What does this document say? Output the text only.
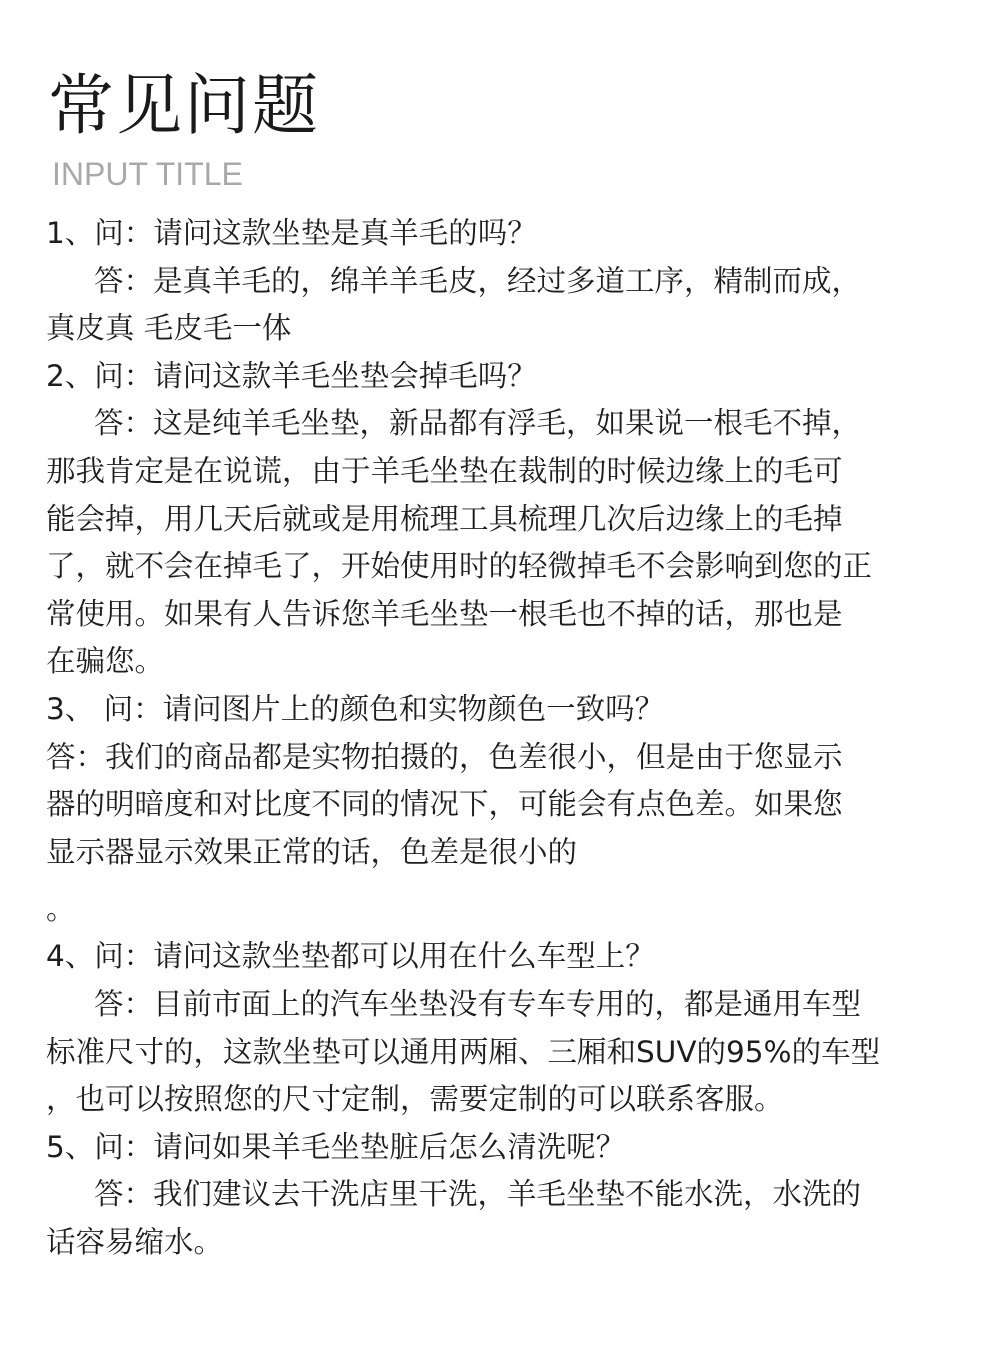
常见问题
INPUT TITLE
1、问：请问这款坐垫是真羊毛的吗？
答：是真羊毛的，绵羊羊毛皮，经过多道工序，精制而成，
真皮真 毛皮毛一体
2、问：请问这款羊毛坐垫会掉毛吗？
答：这是纯羊毛坐垫，新品都有浮毛，如果说一根毛不掉，
那我肯定是在说谎，由于羊毛坐垫在裁制的时候边缘上的毛可
能会掉，用几天后就或是用梳理工具梳理几次后边缘上的毛掉
了，就不会在掉毛了，开始使用时的轻微掉毛不会影响到您的正
常使用。如果有人告诉您羊毛坐垫一根毛也不掉的话，那也是
在骗您。
3、 问：请问图片上的颜色和实物颜色一致吗？
答：我们的商品都是实物拍摄的，色差很小，但是由于您显示
器的明暗度和对比度不同的情况下，可能会有点色差。如果您
显示器显示效果正常的话，色差是很小的
。
4、问：请问这款坐垫都可以用在什么车型上？
答：目前市面上的汽车坐垫没有专车专用的，都是通用车型
标准尺寸的，这款坐垫可以通用两厢、三厢和SUV的95%的车型
，也可以按照您的尺寸定制，需要定制的可以联系客服。
5、问：请问如果羊毛坐垫脏后怎么清洗呢？
答：我们建议去干洗店里干洗，羊毛坐垫不能水洗，水洗的
话容易缩水。
